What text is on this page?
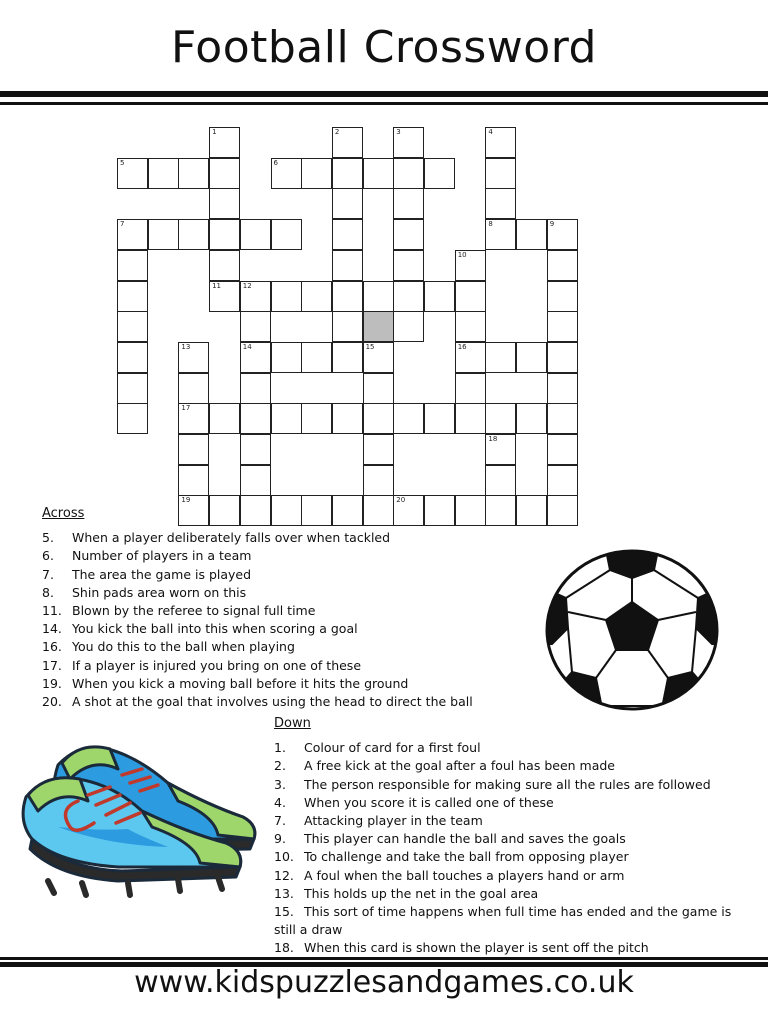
Football Crossword
5	6
7	8	9
11	12
14	16
17
19	20
1	2	3	4
10
13	15
18
Across
5. When a player deliberately falls over when tackled
6. Number of players in a team
7. The area the game is played
8. Shin pads area worn on this
11. Blown by the referee to signal full time
14. You kick the ball into this when scoring a goal
16. You do this to the ball when playing
17. If a player is injured you bring on one of these
19. When you kick a moving ball before it hits the ground
20. A shot at the goal that involves using the head to direct the ball
Down
1. Colour of card for a first foul
2. A free kick at the goal after a foul has been made
3. The person responsible for making sure all the rules are followed
4. When you score it is called one of these
7. Attacking player in the team
9. This player can handle the ball and saves the goals
10. To challenge and take the ball from opposing player
12. A foul when the ball touches a players hand or arm
13. This holds up the net in the goal area
15. This sort of time happens when full time has ended and the game is still a draw
18. When this card is shown the player is sent off the pitch
www.kidspuzzlesandgames.co.uk
